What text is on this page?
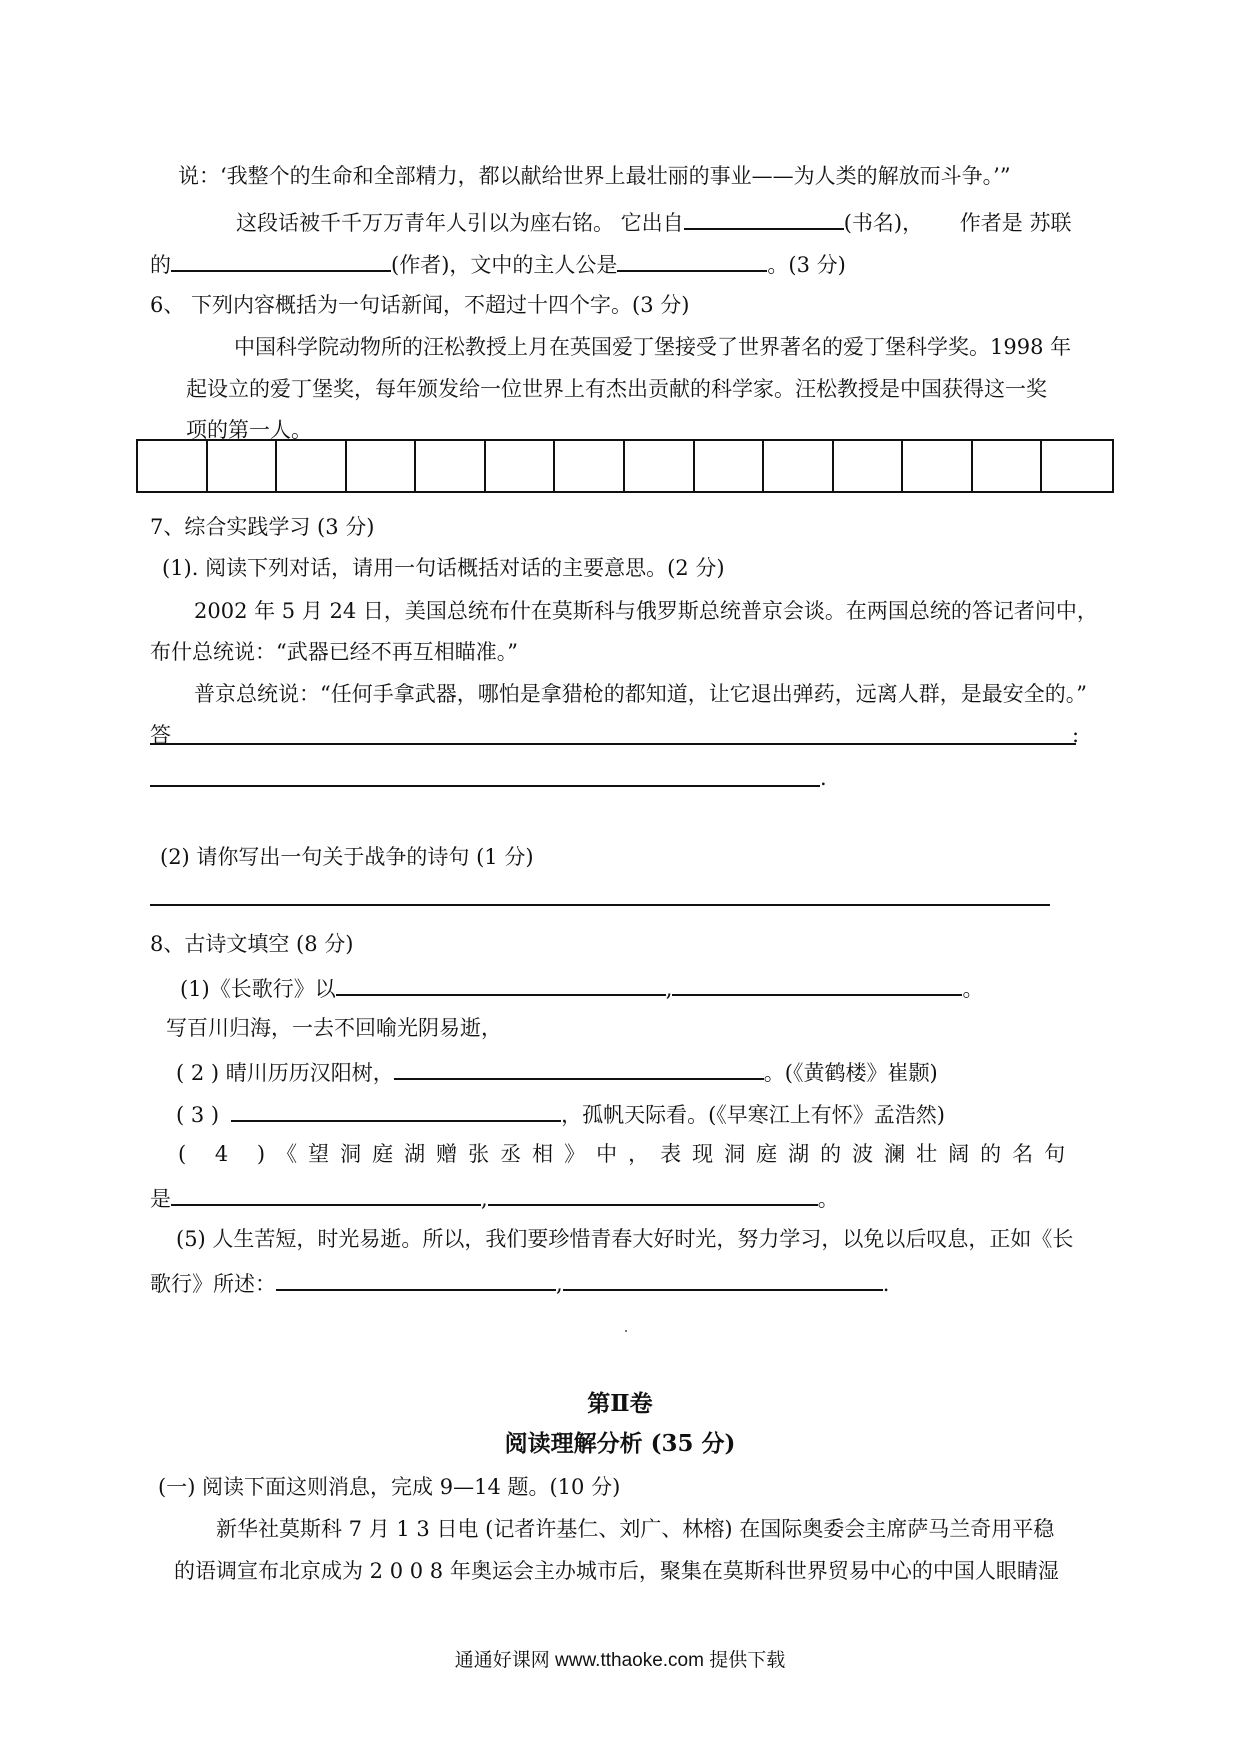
说：‘我整个的生命和全部精力，都以献给世界上最壮丽的事业——为人类的解放而斗争。’”
这段话被千千万万青年人引以为座右铭。 它出自	(书名)， 作者是 苏联
的	(作者)，文中的主人公是	。(3 分)
6、 下列内容概括为一句话新闻，不超过十四个字。(3 分)
中国科学院动物所的汪松教授上月在英国爱丁堡接受了世界著名的爱丁堡科学奖。1998 年
起设立的爱丁堡奖，每年颁发给一位世界上有杰出贡献的科学家。汪松教授是中国获得这一奖
项的第一人。
7、综合实践学习 (3 分)
(1). 阅读下列对话，请用一句话概括对话的主要意思。(2 分)
2002 年 5 月 24 日，美国总统布什在莫斯科与俄罗斯总统普京会谈。在两国总统的答记者问中，
布什总统说：“武器已经不再互相瞄准。”
普京总统说：“任何手拿武器，哪怕是拿猎枪的都知道，让它退出弹药，远离人群，是最安全的。”
答	:
.
(2) 请你写出一句关于战争的诗句 (1 分)
8、古诗文填空 (8 分)
(1)《长歌行》以	,	。
写百川归海，一去不回喻光阴易逝，
( 2 ) 晴川历历汉阳树，	。(《黄鹤楼》崔颢)
( 3 )	，孤帆天际看。(《早寒江上有怀》孟浩然)
( 4 )《望洞庭湖赠张丞相》中，表现洞庭湖的波澜壮阔的名句
是	,	。
(5) 人生苦短，时光易逝。所以，我们要珍惜青春大好时光，努力学习，以免以后叹息，正如《长
歌行》所述：	,	.
第Ⅱ卷
阅读理解分析 (35 分)
(一) 阅读下面这则消息，完成 9—14 题。(10 分)
新华社莫斯科 7 月 1 3 日电 (记者许基仁、刘广、林榕) 在国际奥委会主席萨马兰奇用平稳
的语调宣布北京成为 2 0 0 8 年奥运会主办城市后，聚集在莫斯科世界贸易中心的中国人眼睛湿
通通好课网 www.tthaoke.com 提供下载
